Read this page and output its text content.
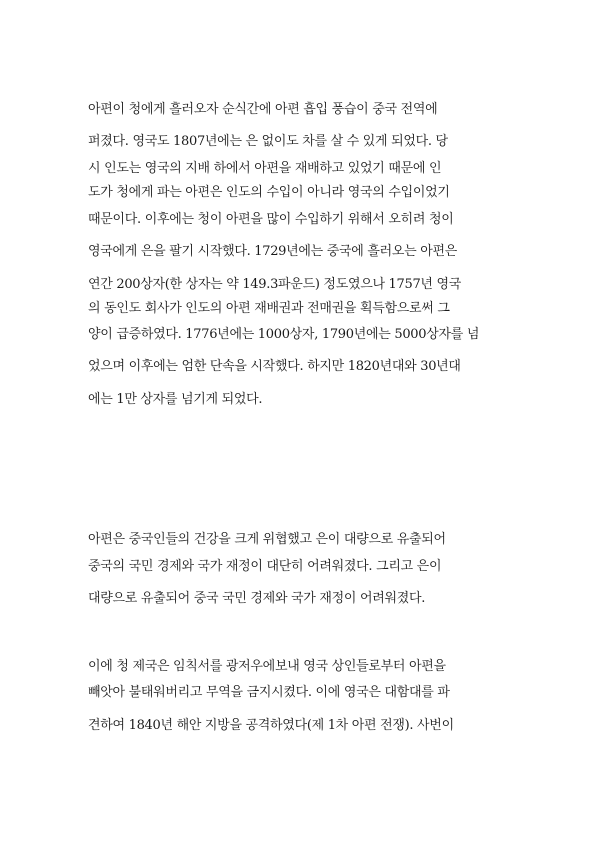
아편이 청에게 흘러오자 순식간에 아편 흡입 풍습이 중국 전역에
퍼졌다. 영국도 1807년에는 은 없이도 차를 살 수 있게 되었다. 당
시 인도는 영국의 지배 하에서 아편을 재배하고 있었기 때문에 인
도가 청에게 파는 아편은 인도의 수입이 아니라 영국의 수입이었기
때문이다. 이후에는 청이 아편을 많이 수입하기 위해서 오히려 청이
영국에게 은을 팔기 시작했다. 1729년에는 중국에 흘러오는 아편은
연간 200상자(한 상자는 약 149.3파운드) 정도였으나 1757년 영국
의 동인도 회사가 인도의 아편 재배권과 전매권을 획득함으로써 그
양이 급증하였다. 1776년에는 1000상자, 1790년에는 5000상자를 넘
었으며 이후에는 엄한 단속을 시작했다. 하지만 1820년대와 30년대
에는 1만 상자를 넘기게 되었다.
아편은 중국인들의 건강을 크게 위협했고 은이 대량으로 유출되어
중국의 국민 경제와 국가 재정이 대단히 어려워졌다. 그리고 은이
대량으로 유출되어 중국 국민 경제와 국가 재정이 어려워졌다.
이에 청 제국은 임칙서를 광저우에보내 영국 상인들로부터 아편을
빼앗아 불태워버리고 무역을 금지시켰다. 이에 영국은 대함대를 파
견하여 1840년 해안 지방을 공격하였다(제 1차 아편 전쟁). 사번이
